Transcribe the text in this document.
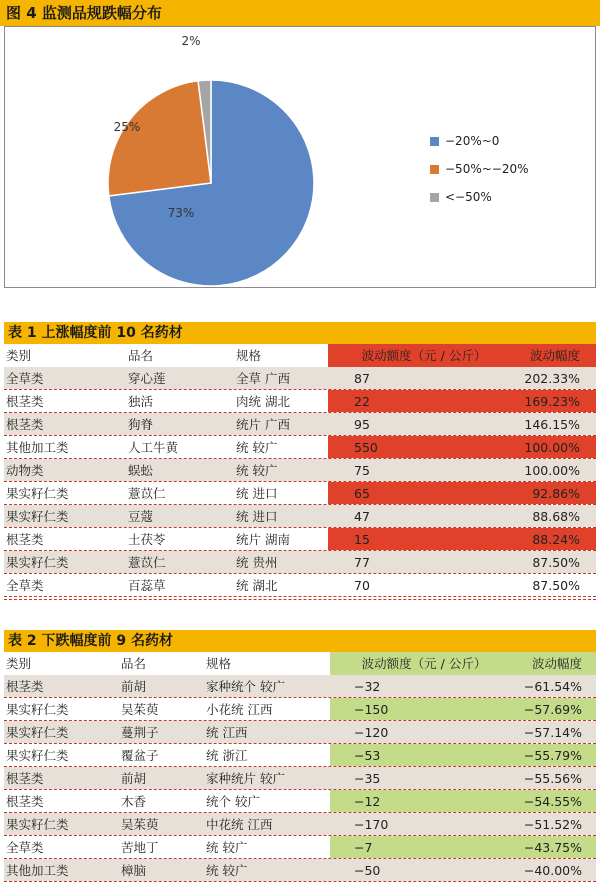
图 4 监测品规跌幅分布
73%
25%
2%
−20%~0
−50%~−20%
<−50%
表 1 上涨幅度前 10 名药材
类别	品名	规格	波动额度（元 / 公斤）	波动幅度
全草类	穿心莲	全草 广西	87	202.33%
根茎类	独活	肉统 湖北	22	169.23%
根茎类	狗脊	统片 广西	95	146.15%
其他加工类	人工牛黄	统 较广	550	100.00%
动物类	蜈蚣	统 较广	75	100.00%
果实籽仁类	薏苡仁	统 进口	65	92.86%
果实籽仁类	豆蔻	统 进口	47	88.68%
根茎类	土茯苓	统片 湖南	15	88.24%
果实籽仁类	薏苡仁	统 贵州	77	87.50%
全草类	百蕊草	统 湖北	70	87.50%
表 2 下跌幅度前 9 名药材
类别	品名	规格	波动额度（元 / 公斤）	波动幅度
根茎类	前胡	家种统个 较广	−32	−61.54%
果实籽仁类	吴茱萸	小花统 江西	−150	−57.69%
果实籽仁类	蔓荆子	统 江西	−120	−57.14%
果实籽仁类	覆盆子	统 浙江	−53	−55.79%
根茎类	前胡	家种统片 较广	−35	−55.56%
根茎类	木香	统个 较广	−12	−54.55%
果实籽仁类	吴茱萸	中花统 江西	−170	−51.52%
全草类	苦地丁	统 较广	−7	−43.75%
其他加工类	樟脑	统 较广	−50	−40.00%
